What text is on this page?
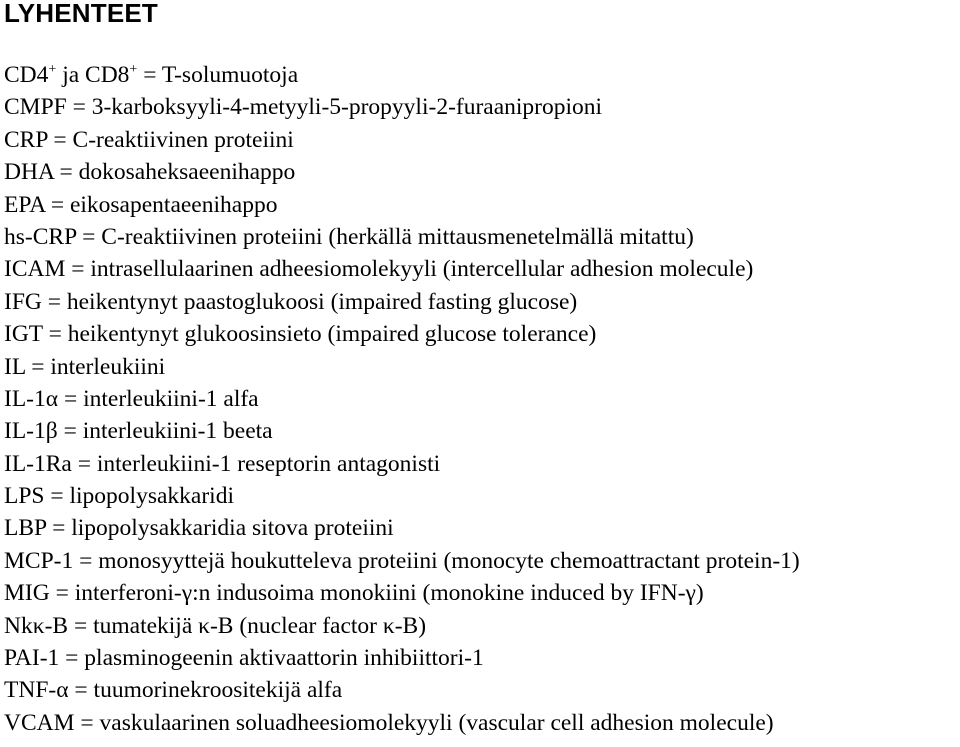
LYHENTEET
CD4+ ja CD8+ = T-solumuotoja
CMPF = 3-karboksyyli-4-metyyli-5-propyyli-2-furaanipropioni
CRP = C-reaktiivinen proteiini
DHA = dokosaheksaeenihappo
EPA = eikosapentaeenihappo
hs-CRP = C-reaktiivinen proteiini (herkällä mittausmenetelmällä mitattu)
ICAM = intrasellulaarinen adheesiomolekyyli (intercellular adhesion molecule)
IFG = heikentynyt paastoglukoosi (impaired fasting glucose)
IGT = heikentynyt glukoosinsieto (impaired glucose tolerance)
IL = interleukiini
IL-1α = interleukiini-1 alfa
IL-1β = interleukiini-1 beeta
IL-1Ra = interleukiini-1 reseptorin antagonisti
LPS = lipopolysakkaridi
LBP = lipopolysakkaridia sitova proteiini
MCP-1 = monosyyttejä houkutteleva proteiini (monocyte chemoattractant protein-1)
MIG = interferoni-γ:n indusoima monokiini (monokine induced by IFN-γ)
Nkκ-B = tumatekijä κ-B (nuclear factor κ-B)
PAI-1 = plasminogeenin aktivaattorin inhibiittori-1
TNF-α = tuumorinekroositekijä alfa
VCAM = vaskulaarinen soluadheesiomolekyyli (vascular cell adhesion molecule)
